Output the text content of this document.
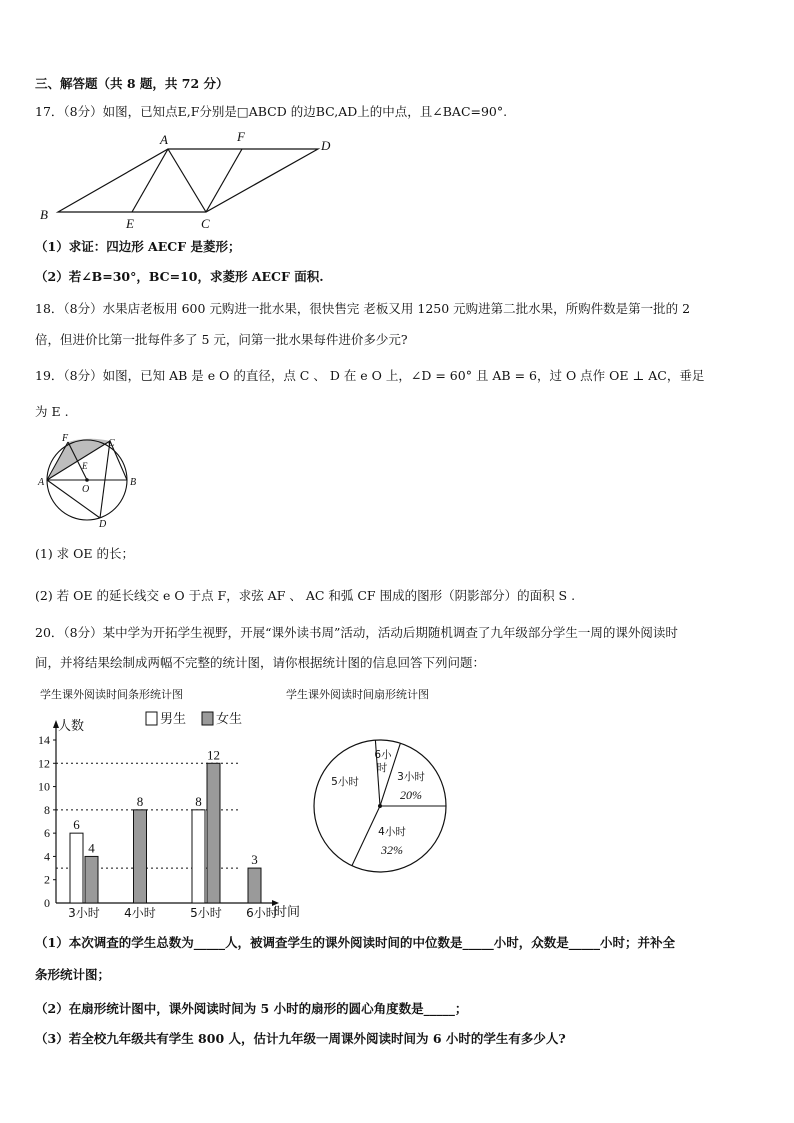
三、解答题（共 8 题，共 72 分）
17．（8分）如图，已知点E,F分别是□ABCD 的边BC,AD上的中点，且∠BAC=90°.
A	F
D
B
E	C
（1）求证：四边形 AECF 是菱形；
（2）若∠B=30°，BC=10，求菱形 AECF 面积.
18．（8分）水果店老板用 600 元购进一批水果，很快售完 老板又用 1250 元购进第二批水果，所购件数是第一批的 2
倍，但进价比第一批每件多了 5 元，问第一批水果每件进价多少元?
19．（8分）如图，已知 AB 是 e O 的直径，点 C 、 D 在 e O 上，∠D = 60° 且 AB = 6，过 O 点作 OE ⊥ AC，垂足
为 E .
F	C
E
A
O
B
D
(1) 求 OE 的长；
(2) 若 OE 的延长线交 e O 于点 F，求弦 AF 、 AC 和弧 CF 围成的图形（阴影部分）的面积 S .
20．（8分）某中学为开拓学生视野，开展“课外读书周”活动，活动后期随机调查了九年级部分学生一周的课外阅读时
间，并将结果绘制成两幅不完整的统计图，请你根据统计图的信息回答下列问题：
学生课外阅读时间条形统计图
人数
时间
男生 女生
0
2
4
6
8
10
12
14
3小时 4小时	5小时 6小时
6
8
4
8
12
3
学生课外阅读时间扇形统计图
3小时
20%
4小时
32%
5小时
6小
时
（1）本次调查的学生总数为_____人，被调查学生的课外阅读时间的中位数是_____小时，众数是_____小时；并补全
条形统计图；
（2）在扇形统计图中，课外阅读时间为 5 小时的扇形的圆心角度数是_____；
（3）若全校九年级共有学生 800 人，估计九年级一周课外阅读时间为 6 小时的学生有多少人?
